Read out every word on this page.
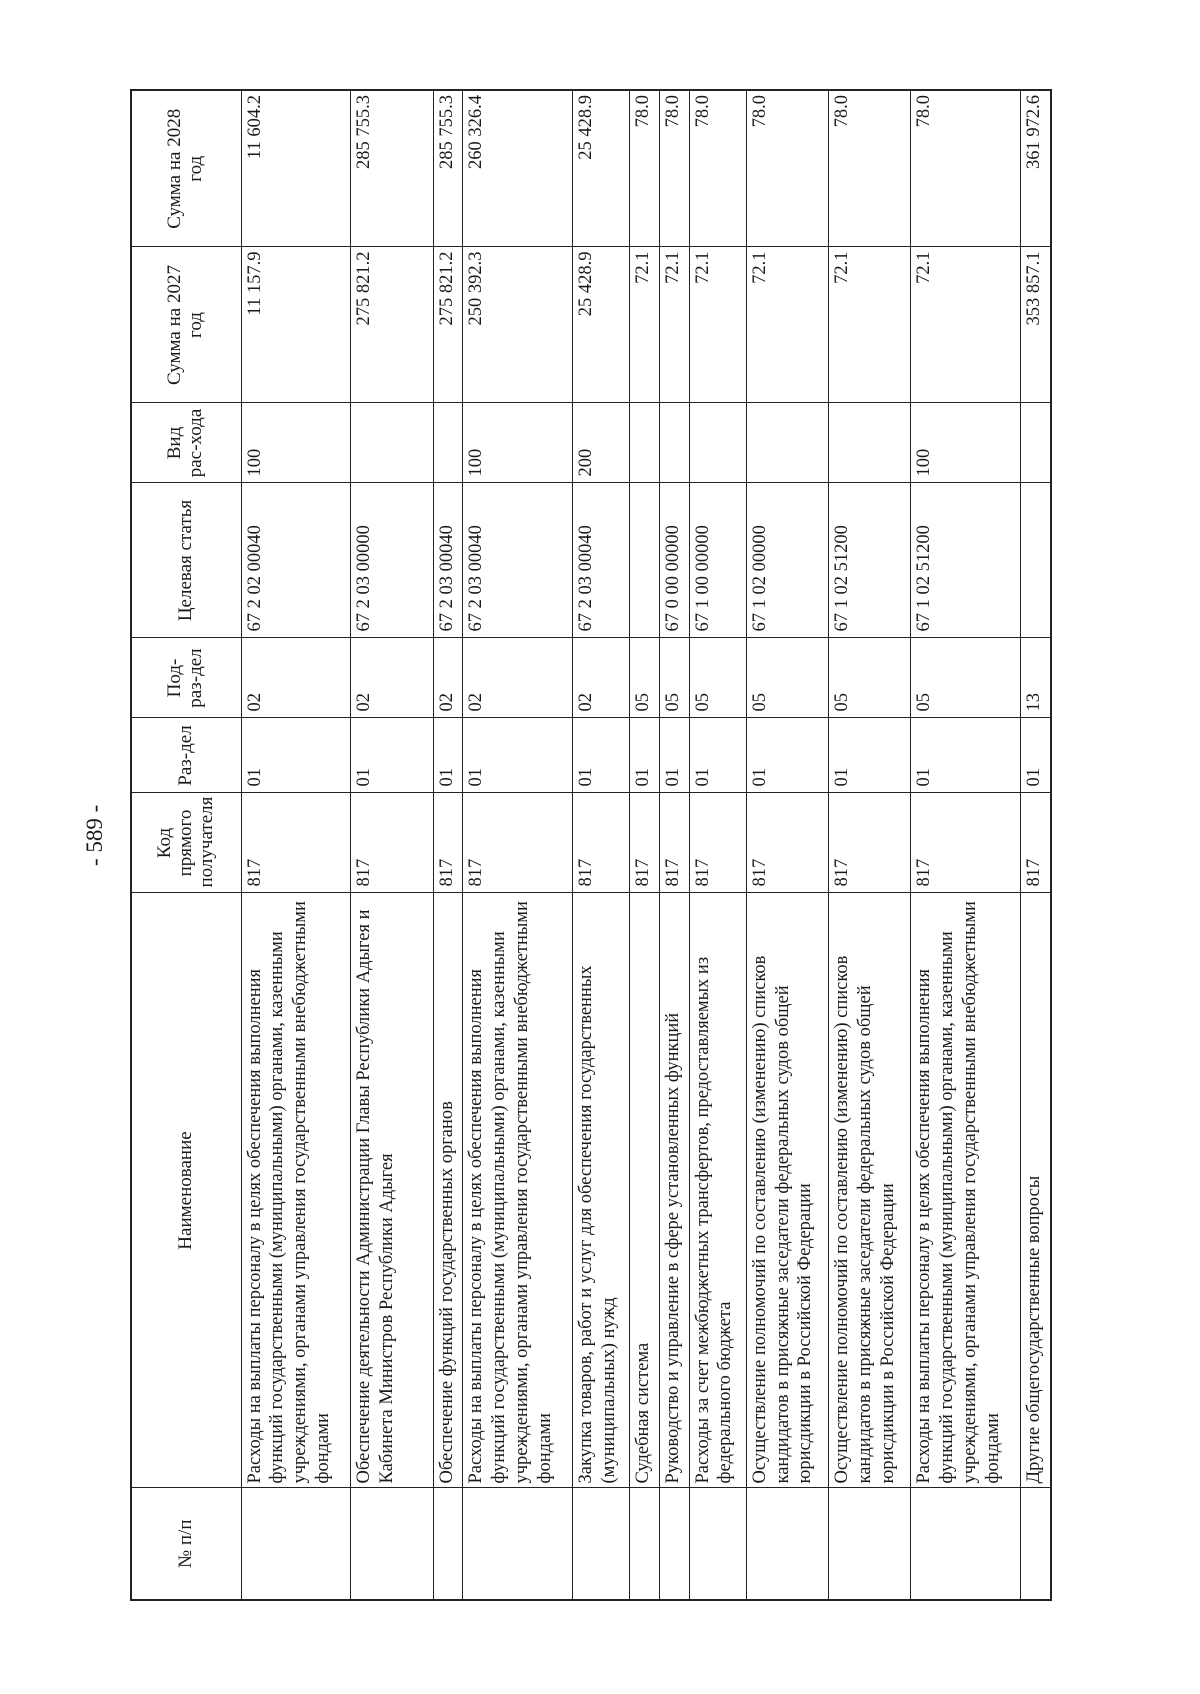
- 589 -
№ п/п	Наименование	Код прямого получателя	Раз-дел	Под-раз-дел	Целевая статья	Вид рас-хода	Сумма на 2027 год	Сумма на 2028 год
	Расходы на выплаты персоналу в целях обеспечения выполнения функций государственными (муниципальными) органами, казенными учреждениями, органами управления государственными внебюджетными фондами	817	01	02	67 2 02 00040	100	11 157.9	11 604.2
	Обеспечение деятельности Администрации Главы Республики Адыгея и Кабинета Министров Республики Адыгея	817	01	02	67 2 03 00000		275 821.2	285 755.3
	Обеспечение функций государственных органов	817	01	02	67 2 03 00040		275 821.2	285 755.3
	Расходы на выплаты персоналу в целях обеспечения выполнения функций государственными (муниципальными) органами, казенными учреждениями, органами управления государственными внебюджетными фондами	817	01	02	67 2 03 00040	100	250 392.3	260 326.4
	Закупка товаров, работ и услуг для обеспечения государственных (муниципальных) нужд	817	01	02	67 2 03 00040	200	25 428.9	25 428.9
	Судебная система	817	01	05			72.1	78.0
	Руководство и управление в сфере установленных функций	817	01	05	67 0 00 00000		72.1	78.0
	Расходы за счет межбюджетных трансфертов, предоставляемых из федерального бюджета	817	01	05	67 1 00 00000		72.1	78.0
	Осуществление полномочий по составлению (изменению) списков кандидатов в присяжные заседатели федеральных судов общей юрисдикции в Российской Федерации	817	01	05	67 1 02 00000		72.1	78.0
	Осуществление полномочий по составлению (изменению) списков кандидатов в присяжные заседатели федеральных судов общей юрисдикции в Российской Федерации	817	01	05	67 1 02 51200		72.1	78.0
	Расходы на выплаты персоналу в целях обеспечения выполнения функций государственными (муниципальными) органами, казенными учреждениями, органами управления государственными внебюджетными фондами	817	01	05	67 1 02 51200	100	72.1	78.0
	Другие общегосударственные вопросы	817	01	13			353 857.1	361 972.6
